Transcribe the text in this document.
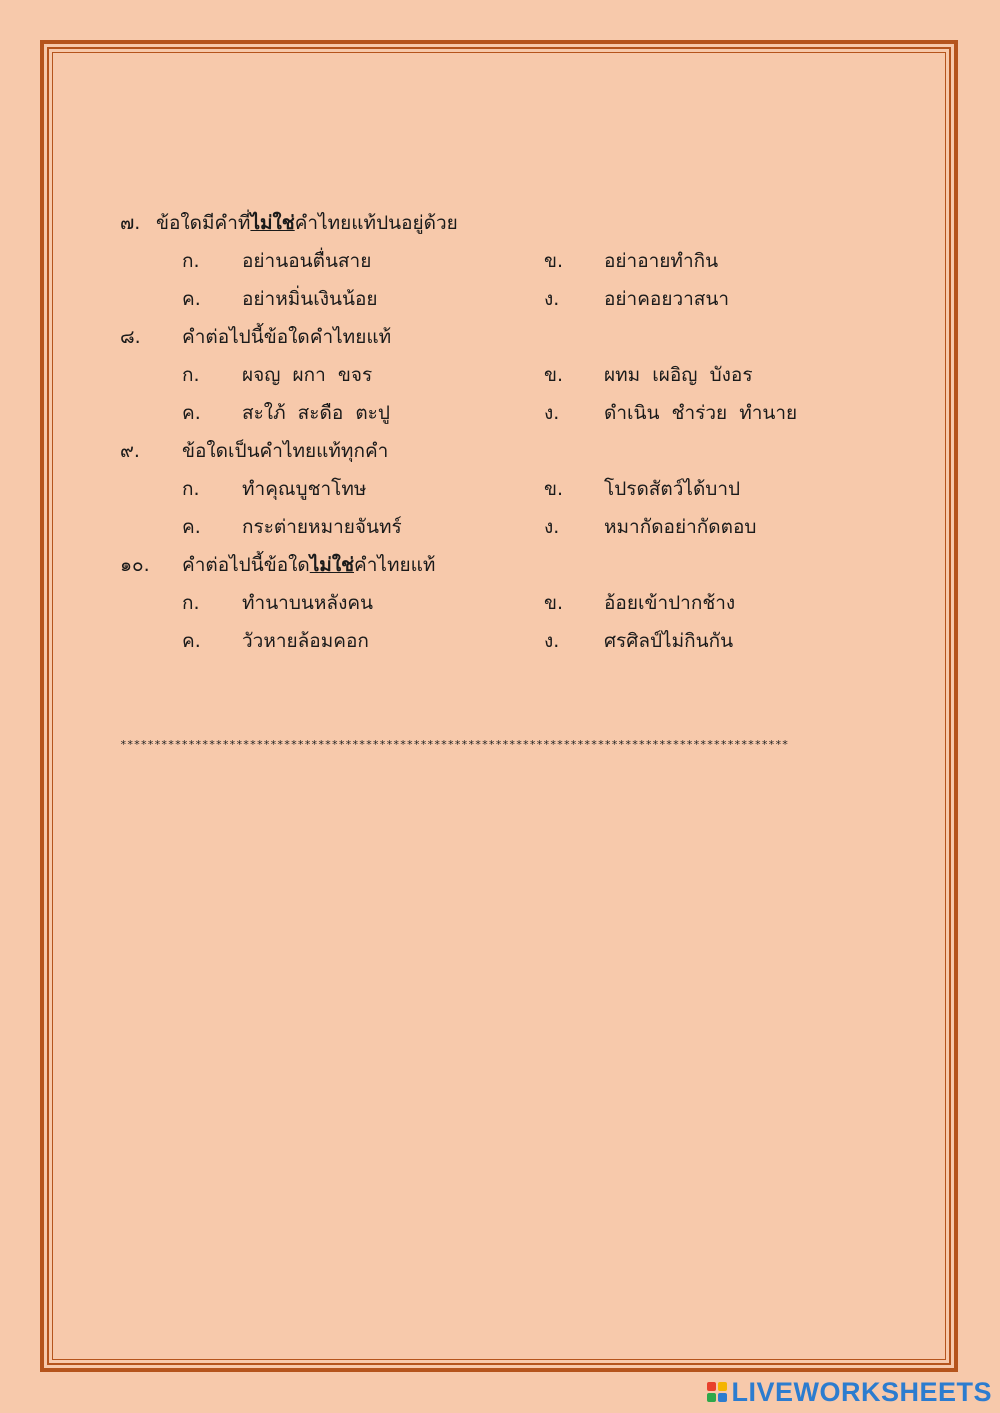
๗. ข้อใดมีคำที่ไม่ใช่คำไทยแท้ปนอยู่ด้วย
ก. อย่านอนตื่นสาย	ข. อย่าอายทำกิน
ค. อย่าหมิ่นเงินน้อย	ง. อย่าคอยวาสนา
๘. คำต่อไปนี้ข้อใดคำไทยแท้
ก. ผจญ  ผกา  ขจร	ข. ผทม  เผอิญ  บังอร
ค. สะใภ้  สะดือ  ตะปู	ง. ดำเนิน  ชำร่วย  ทำนาย
๙. ข้อใดเป็นคำไทยแท้ทุกคำ
ก. ทำคุณบูชาโทษ	ข. โปรดสัตว์ได้บาป
ค. กระต่ายหมายจันทร์	ง. หมากัดอย่ากัดตอบ
๑๐. คำต่อไปนี้ข้อใดไม่ใช่คำไทยแท้
ก. ทำนาบนหลังคน	ข. อ้อยเข้าปากช้าง
ค. วัวหายล้อมคอก	ง. ศรศิลป์ไม่กินกัน
**************************************************************************************************
LIVEWORKSHEETS
